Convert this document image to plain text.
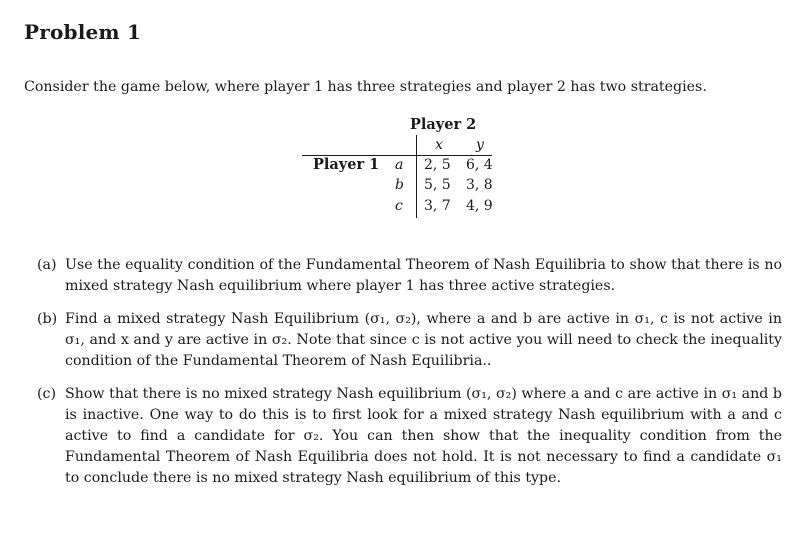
Problem 1
Consider the game below, where player 1 has three strategies and player 2 has two strategies.
Player 2
Player 1
x y
a
b
c
2, 5 6, 4
5, 5 3, 8
3, 7 4, 9
(a) Use the equality condition of the Fundamental Theorem of Nash Equilibria to show that there is no mixed strategy Nash equilibrium where player 1 has three active strategies.
(b) Find a mixed strategy Nash Equilibrium (σ₁, σ₂), where a and b are active in σ₁, c is not active in σ₁, and x and y are active in σ₂. Note that since c is not active you will need to check the inequality condition of the Fundamental Theorem of Nash Equilibria..
(c) Show that there is no mixed strategy Nash equilibrium (σ₁, σ₂) where a and c are active in σ₁ and b is inactive. One way to do this is to first look for a mixed strategy Nash equilibrium with a and c active to find a candidate for σ₂. You can then show that the inequality condition from the Fundamental Theorem of Nash Equilibria does not hold. It is not necessary to find a candidate σ₁ to conclude there is no mixed strategy Nash equilibrium of this type.
